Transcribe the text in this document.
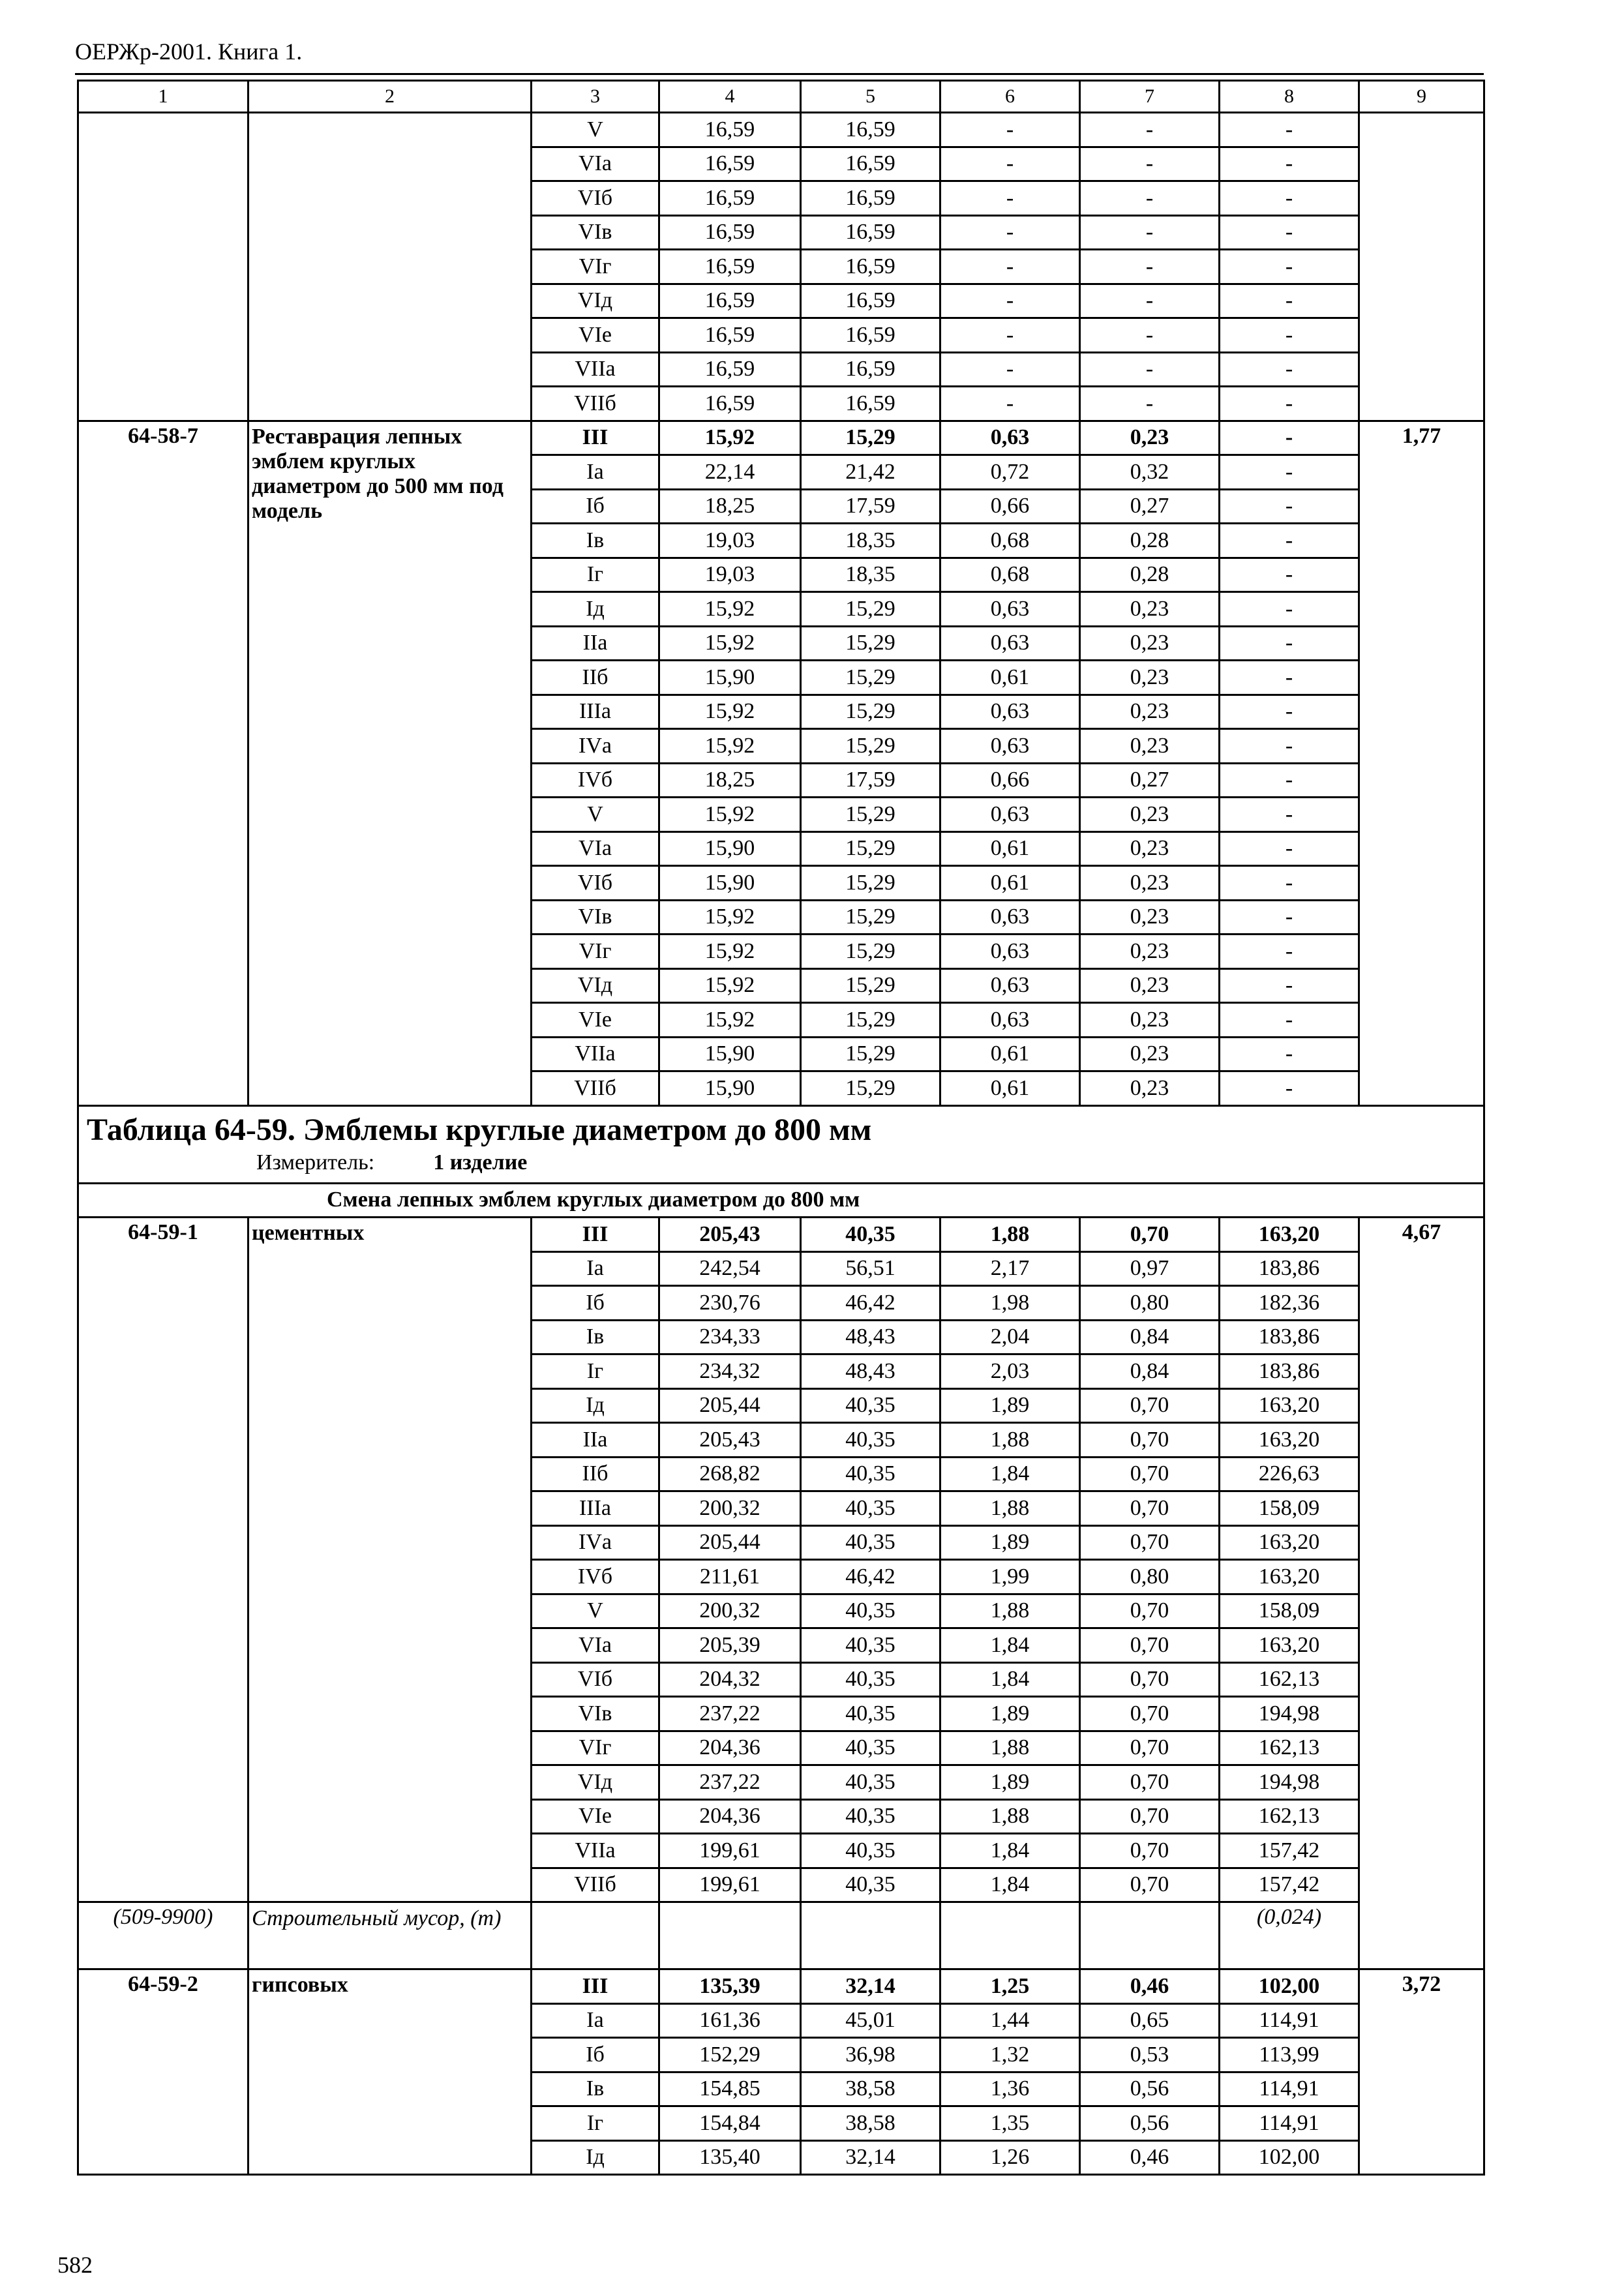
ОЕРЖр-2001. Книга 1.
1	2	3	4	5	6	7	8	9
		V	16,59	16,59	-	-	-	
		VIа	16,59	16,59	-	-	-	
		VIб	16,59	16,59	-	-	-	
		VIв	16,59	16,59	-	-	-	
		VIг	16,59	16,59	-	-	-	
		VIд	16,59	16,59	-	-	-	
		VIе	16,59	16,59	-	-	-	
		VIIа	16,59	16,59	-	-	-	
		VIIб	16,59	16,59	-	-	-	
64-58-7	Реставрация лепных эмблем круглых диаметром до 500 мм под модель	III	15,92	15,29	0,63	0,23	-	1,77
		Iа	22,14	21,42	0,72	0,32	-	
		Iб	18,25	17,59	0,66	0,27	-	
		Iв	19,03	18,35	0,68	0,28	-	
		Iг	19,03	18,35	0,68	0,28	-	
		Iд	15,92	15,29	0,63	0,23	-	
		IIа	15,92	15,29	0,63	0,23	-	
		IIб	15,90	15,29	0,61	0,23	-	
		IIIа	15,92	15,29	0,63	0,23	-	
		IVа	15,92	15,29	0,63	0,23	-	
		IVб	18,25	17,59	0,66	0,27	-	
		V	15,92	15,29	0,63	0,23	-	
		VIа	15,90	15,29	0,61	0,23	-	
		VIб	15,90	15,29	0,61	0,23	-	
		VIв	15,92	15,29	0,63	0,23	-	
		VIг	15,92	15,29	0,63	0,23	-	
		VIд	15,92	15,29	0,63	0,23	-	
		VIе	15,92	15,29	0,63	0,23	-	
		VIIа	15,90	15,29	0,61	0,23	-	
		VIIб	15,90	15,29	0,61	0,23	-	

Таблица 64-59. Эмблемы круглые диаметром до 800 мм
Измеритель: 1 изделие								

Смена лепных эмблем круглых диаметром до 800 мм								
64-59-1	цементных	III	205,43	40,35	1,88	0,70	163,20	4,67
		Iа	242,54	56,51	2,17	0,97	183,86	
		Iб	230,76	46,42	1,98	0,80	182,36	
		Iв	234,33	48,43	2,04	0,84	183,86	
		Iг	234,32	48,43	2,03	0,84	183,86	
		Iд	205,44	40,35	1,89	0,70	163,20	
		IIа	205,43	40,35	1,88	0,70	163,20	
		IIб	268,82	40,35	1,84	0,70	226,63	
		IIIа	200,32	40,35	1,88	0,70	158,09	
		IVа	205,44	40,35	1,89	0,70	163,20	
		IVб	211,61	46,42	1,99	0,80	163,20	
		V	200,32	40,35	1,88	0,70	158,09	
		VIа	205,39	40,35	1,84	0,70	163,20	
		VIб	204,32	40,35	1,84	0,70	162,13	
		VIв	237,22	40,35	1,89	0,70	194,98	
		VIг	204,36	40,35	1,88	0,70	162,13	
		VIд	237,22	40,35	1,89	0,70	194,98	
		VIе	204,36	40,35	1,88	0,70	162,13	
		VIIа	199,61	40,35	1,84	0,70	157,42	
		VIIб	199,61	40,35	1,84	0,70	157,42	
(509-9900)	Строительный мусор, (т)						(0,024)	
64-59-2	гипсовых	III	135,39	32,14	1,25	0,46	102,00	3,72
		Iа	161,36	45,01	1,44	0,65	114,91	
		Iб	152,29	36,98	1,32	0,53	113,99	
		Iв	154,85	38,58	1,36	0,56	114,91	
		Iг	154,84	38,58	1,35	0,56	114,91	
		Iд	135,40	32,14	1,26	0,46	102,00	
582
